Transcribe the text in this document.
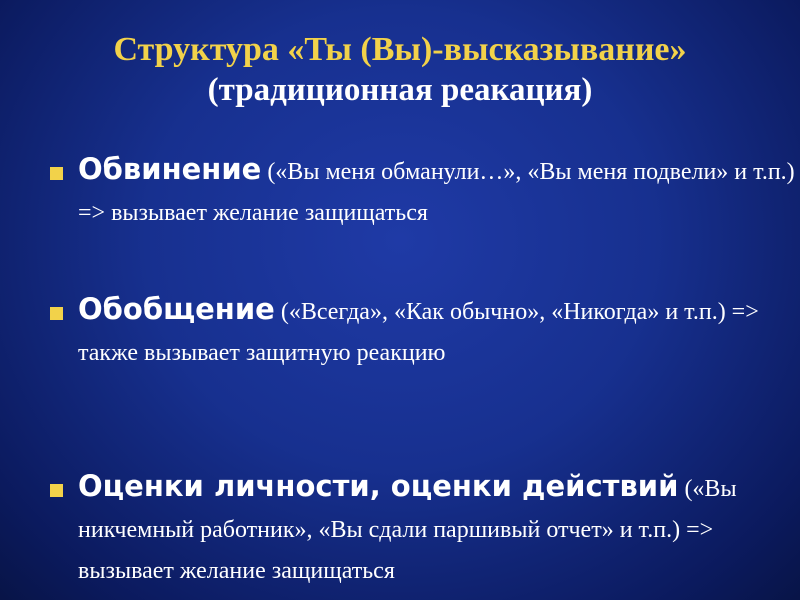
Структура «Ты (Вы)-высказывание»
(традиционная реакация)
Обвинение («Вы меня обманули…», «Вы меня подвели» и т.п.) => вызывает желание защищаться
Обобщение («Всегда», «Как обычно», «Никогда» и т.п.) => также вызывает защитную реакцию
Оценки личности, оценки действий («Вы никчемный работник», «Вы сдали паршивый отчет» и т.п.) => вызывает желание защищаться
